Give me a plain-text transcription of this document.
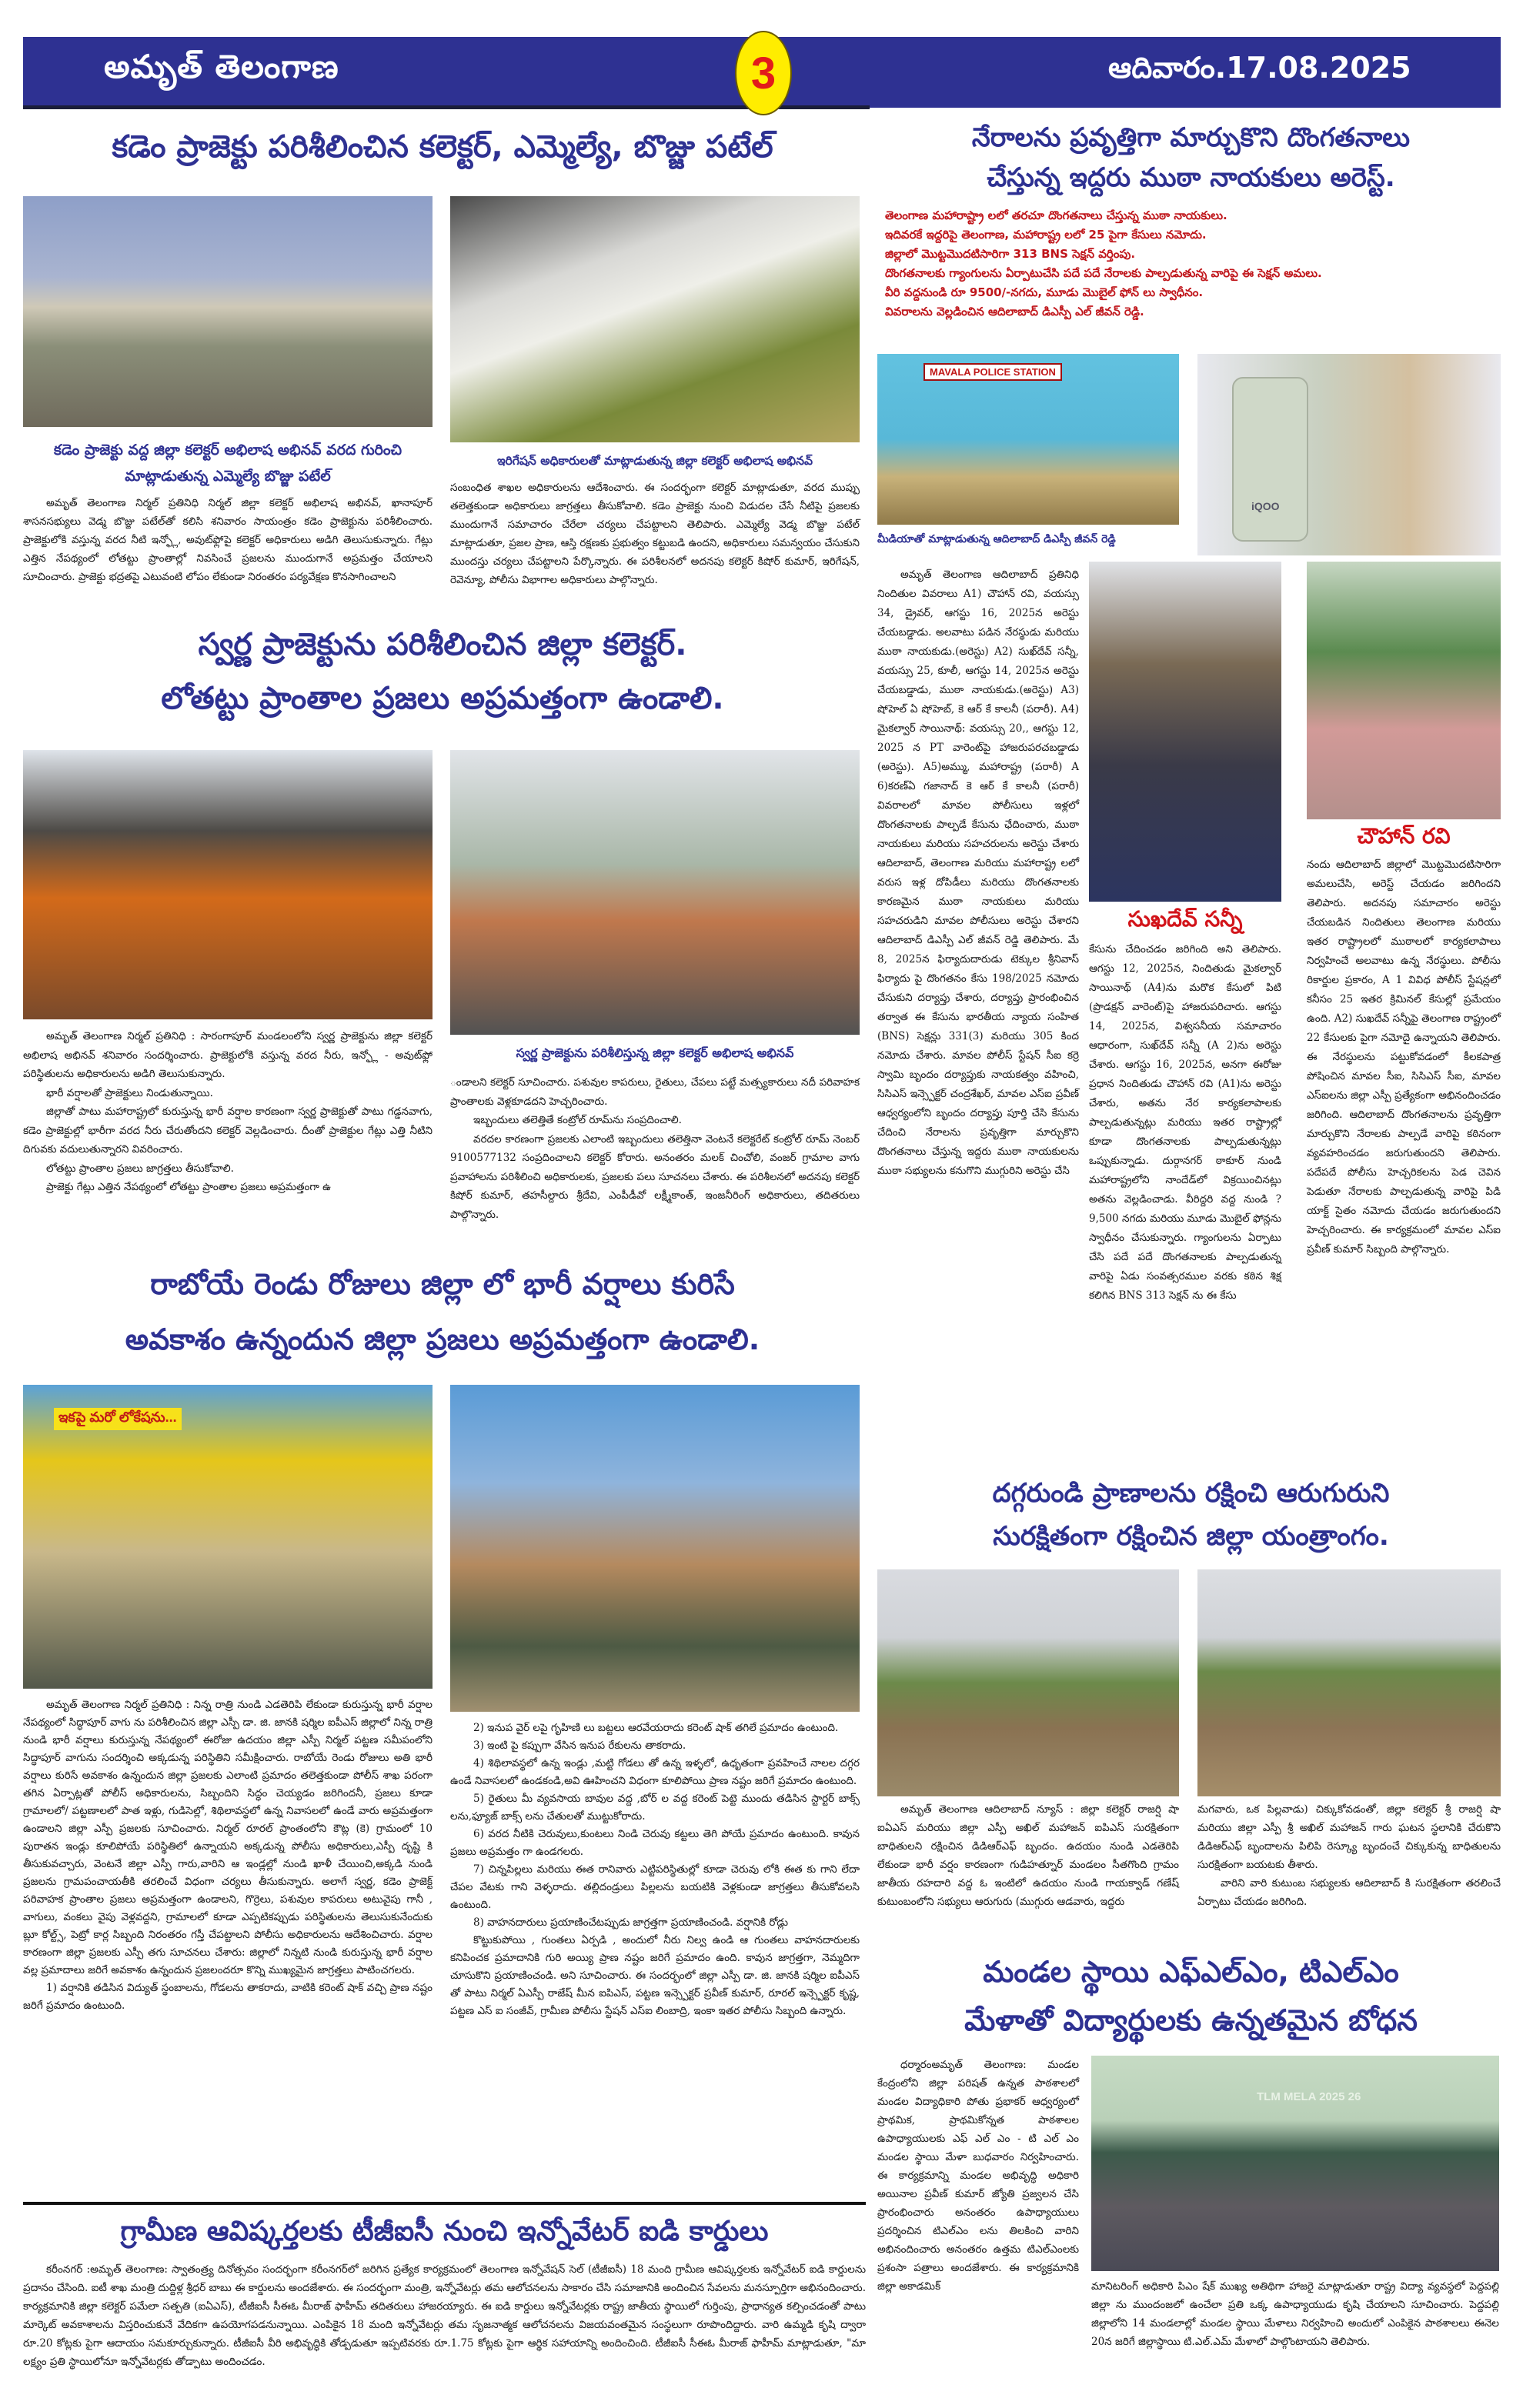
అమృత్ తెలంగాణ	3	ఆదివారం.17.08.2025
కడెం ప్రాజెక్టు పరిశీలించిన కలెక్టర్, ఎమ్మెల్యే, బొజ్జు పటేల్
కడెం ప్రాజెక్టు వద్ద జిల్లా కలెక్టర్ అభిలాష అభినవ్ వరద గురించి మాట్లాడుతున్న ఎమ్మెల్యే బొజ్జు పటేల్
ఇరిగేషన్ అధికారులతో మాట్లాడుతున్న జిల్లా కలెక్టర్ అభిలాష అభినవ్

అమృత్ తెలంగాణ నిర్మల్ ప్రతినిధి నిర్మల్ జిల్లా కలెక్టర్ అభిలాష అభినవ్, ఖానాపూర్ శాసనసభ్యులు వెడ్మ బొజ్జు పటేల్‌తో కలిసి శనివారం సాయంత్రం కడెం ప్రాజెక్టును పరిశీలించారు. ప్రాజెక్టులోకి వస్తున్న వరద నీటి ఇన్ఫ్లో, అవుట్‌ఫ్లోపై కలెక్టర్ అధికారులు అడిగి తెలుసుకున్నారు. గేట్లు ఎత్తిన నేపథ్యంలో లోతట్టు ప్రాంతాల్లో నివసించే ప్రజలను ముందుగానే అప్రమత్తం చేయాలని సూచించారు. ప్రాజెక్టు భద్రతపై ఎటువంటి లోపం లేకుండా నిరంతరం పర్యవేక్షణ కొనసాగించాలని

సంబంధిత శాఖల అధికారులను ఆదేశించారు. ఈ సందర్భంగా కలెక్టర్ మాట్లాడుతూ, వరద ముప్పు తలెత్తకుండా అధికారులు జాగ్రత్తలు తీసుకోవాలి. కడెం ప్రాజెక్టు నుంచి విడుదల చేసే నీటిపై ప్రజలకు ముందుగానే సమాచారం చేరేలా చర్యలు చేపట్టాలని తెలిపారు. ఎమ్మెల్యే వెడ్మ బొజ్జు పటేల్ మాట్లాడుతూ, ప్రజల ప్రాణ, ఆస్తి రక్షణకు ప్రభుత్వం కట్టుబడి ఉందని, అధికారులు సమన్వయం చేసుకుని ముందస్తు చర్యలు చేపట్టాలని పేర్కొన్నారు. ఈ పరిశీలనలో అదనపు కలెక్టర్ కిషోర్ కుమార్, ఇరిగేషన్, రెవెన్యూ, పోలీసు విభాగాల అధికారులు పాల్గొన్నారు.

స్వర్ణ ప్రాజెక్టును పరిశీలించిన జిల్లా కలెక్టర్.
లోతట్టు ప్రాంతాల ప్రజలు అప్రమత్తంగా ఉండాలి.

అమృత్ తెలంగాణ నిర్మల్ ప్రతినిధి : సారంగాపూర్ మండలంలోని స్వర్ణ ప్రాజెక్టును జిల్లా కలెక్టర్ అభిలాష అభినవ్ శనివారం సందర్శించారు. ప్రాజెక్టులోకి వస్తున్న వరద నీరు, ఇన్ఫ్లో - అవుట్‌ఫ్లో పరిస్థితులను అధికారులను అడిగి తెలుసుకున్నారు.

భారీ వర్షాలతో ప్రాజెక్టులు నిండుతున్నాయి.

జిల్లాతో పాటు మహారాష్ట్రలో కురుస్తున్న భారీ వర్షాల కారణంగా స్వర్ణ ప్రాజెక్టుతో పాటు గడ్డనవాగు, కడెం ప్రాజెక్టుల్లో భారీగా వరద నీరు చేరుతోందని కలెక్టర్ వెల్లడించారు. దీంతో ప్రాజెక్టుల గేట్లు ఎత్తి నీటిని దిగువకు వదులుతున్నారని వివరించారు.

లోతట్టు ప్రాంతాల ప్రజలు జాగ్రత్తలు తీసుకోవాలి.

ప్రాజెక్టు గేట్లు ఎత్తిన నేపథ్యంలో లోతట్టు ప్రాంతాల ప్రజలు అప్రమత్తంగా ఉ

స్వర్ణ ప్రాజెక్టును పరిశీలిస్తున్న జిల్లా కలెక్టర్ అభిలాష అభినవ్

ండాలని కలెక్టర్ సూచించారు. పశువుల కాపరులు, రైతులు, చేపలు పట్టే మత్స్యకారులు నదీ పరివాహక ప్రాంతాలకు వెళ్లకూడదని హెచ్చరించారు.

ఇబ్బందులు తలెత్తితే కంట్రోల్ రూమ్‌ను సంప్రదించాలి.

వరదల కారణంగా ప్రజలకు ఎలాంటి ఇబ్బందులు తలెత్తినా వెంటనే కలెక్టరేట్ కంట్రోల్ రూమ్ నెంబర్ 9100577132 సంప్రదించాలని కలెక్టర్ కోరారు. అనంతరం మలక్ చించోలి, వంజర్ గ్రామాల వాగు ప్రవాహాలను పరిశీలించి అధికారులకు, ప్రజలకు పలు సూచనలు చేశారు. ఈ పరిశీలనలో అదనపు కలెక్టర్ కిషోర్ కుమార్, తహసీల్దారు శ్రీదేవి, ఎంపీడీవో లక్ష్మీకాంత్, ఇంజనీరింగ్ అధికారులు, తదితరులు పాల్గొన్నారు.

రాబోయే రెండు రోజులు జిల్లా లో భారీ వర్షాలు కురిసే
అవకాశం ఉన్నందున జిల్లా ప్రజలు అప్రమత్తంగా ఉండాలి.
ఇకపై మరో లోకేషను...

అమృత్ తెలంగాణ నిర్మల్ ప్రతినిధి : నిన్న రాత్రి నుండి ఎడతెరిపి లేకుండా కురుస్తున్న భారీ వర్షాల నేపథ్యంలో సిద్ధాపూర్ వాగు ను పరిశీలించిన జిల్లా ఎస్పీ డా. జి. జానకి షర్మిల ఐపీఎస్ జిల్లాలో నిన్న రాత్రి నుండి భారీ వర్షాలు కురుస్తున్న నేపథ్యంలో ఈరోజు ఉదయం జిల్లా ఎస్పీ నిర్మల్ పట్టణ సమీపంలోని సిద్ధాపూర్ వాగును సందర్శించి అక్కడున్న పరిస్థితిని సమీక్షించారు. రాబోయే రెండు రోజులు అతి భారీ వర్షాలు కురిసే అవకాశం ఉన్నందున జిల్లా ప్రజలకు ఎలాంటి ప్రమాదం తలెత్తకుండా పోలీస్ శాఖ పరంగా తగిన ఏర్పాట్లతో పోలీస్ అధికారులను, సిబ్బందిని సిద్ధం చెయ్యడం జరిగిందనీ, ప్రజలు కూడా గ్రామాలలో/ పట్టణాలలో పాత ఇళ్లు, గుడిసెల్లో, శిథిలావస్థలో ఉన్న నివాసలలో ఉండే వారు అప్రమత్తంగా ఉండాలని జిల్లా ఎస్పీ ప్రజలకు సూచించారు. నిర్మల్ రూరల్ ప్రాంతంలోని కౌట్ల (కె) గ్రామంలో 10 పురాతన ఇండ్లు కూలిపోయే పరిస్థితిలో ఉన్నాయని అక్కడున్న పోలీసు అధికారులు,ఎస్పీ దృష్టి కి తీసుకువచ్చారు, వెంటనే జిల్లా ఎస్పీ గారు,వారిని ఆ ఇండ్లల్లో నుండి ఖాళీ చేయించి,అక్కడి నుండి ప్రజలను గ్రామపంచాయతీకి తరలించే విధంగా చర్యలు తీసుకున్నారు. అలాగే స్వర్ణ, కడెం ప్రాజెక్ట్ పరివాహక ప్రాంతాల ప్రజలు అప్రమత్తంగా ఉండాలని, గొర్రెలు, పశువుల కాపరులు అటువైపు గానీ , వాగులు, వంకలు వైపు వెళ్లవద్దని, గ్రామాలలో కూడా ఎప్పటికప్పుడు పరిస్థితులను తెలుసుకునేందుకు బ్లూ కోల్ట్స్, పెట్రో కార్ల సిబ్బంది నిరంతరం గస్తీ చేపట్టాలని పోలీసు అధికారులను ఆదేశించిచారు. వర్షాల కారణంగా జిల్లా ప్రజలకు ఎస్పీ తగు సూచనలు చేశారు: జిల్లాలో నిన్నటి నుండి కురుస్తున్న భారీ వర్షాల వల్ల ప్రమాదాలు జరిగే అవకాశం ఉన్నందున ప్రజలందరూ కొన్ని ముఖ్యమైన జాగ్రత్తలు పాటించగలరు.

1) వర్షానికి తడిసిన విద్యుత్ స్థంబాలను, గోడలను తాకరాదు, వాటికి కరెంట్ షాక్ వచ్చి ప్రాణ నష్టం జరిగే ప్రమాదం ఉంటుంది.

2) ఇనుప వైర్ లపై గృహిణి లు బట్టలు ఆరవేయరాదు కరెంట్ షాక్ తగిలే ప్రమాదం ఉంటుంది.

3) ఇంటి పై కప్పుగా వేసిన ఇనుప రేకులను తాకరాదు.

4) శిథిలావస్థలో ఉన్న ఇండ్లు ,మట్టి గోడలు తో ఉన్న ఇళ్ళలో, ఉధృతంగా ప్రవహించే నాలల దగ్గర ఉండే నివాసలలో ఉండకండి,అవి ఊహించని విధంగా కూలిపోయి ప్రాణ నష్టం జరిగే ప్రమాదం ఉంటుంది.

5) రైతులు మీ వ్యవసాయ బావుల వద్ద ,బోర్ ల వద్ద కరెంట్ పెట్టె ముందు తడిసిన స్టార్టర్ బాక్స్ లను,ఫ్యూజ్ బాక్స్ లను చేతులతో ముట్టుకోరాదు.

6) వరద నీటికి చెరువులు,కుంటలు నిండి చెరువు కట్టలు తెగి పోయే ప్రమాదం ఉంటుంది. కావున ప్రజలు అప్రమత్తం గా ఉండగలరు.

7) చిన్నపిల్లలు మరియు ఈత రానివారు ఎట్టిపరిస్థితుల్లో కూడా చెరువు లోకి ఈత కు గాని లేదా చేపల వేటకు గాని వెళ్ళరాదు. తల్లిదండ్రులు పిల్లలను బయటికి వెళ్లకుండా జాగ్రత్తలు తీసుకోవలసి ఉంటుంది.

8) వాహనదారులు ప్రయాణించేటప్పుడు జాగ్రత్తగా ప్రయాణించండి. వర్షానికి రోడ్లు

కొట్టుకుపోయి , గుంతలు ఏర్పడి , అందులో నీరు నిల్వ ఉండి ఆ గుంతలు వాహనదారులకు కనిపించక ప్రమాదానికి గురి అయ్యి ప్రాణ నష్టం జరిగే ప్రమాదం ఉంది. కావున జాగ్రత్తగా, నెమ్మదిగా చూసుకొని ప్రయాణించండి. అని సూచించారు. ఈ సందర్భంలో జిల్లా ఎస్పీ డా. జి. జానకి షర్మిల ఐపీఎస్ తో పాటు నిర్మల్ ఏఎస్పీ రాజేష్ మీన ఐపిఎస్, పట్టణ ఇన్స్పెక్టర్ ప్రవీణ్ కుమార్, రూరల్ ఇన్స్పెక్టర్ కృష్ణ, పట్టణ ఎస్ ఐ సంజీవ్, గ్రామీణ పోలీసు స్టేషన్ ఎస్ఐ లింబాద్రి, ఇంకా ఇతర పోలీసు సిబ్బంది ఉన్నారు.

గ్రామీణ ఆవిష్కర్తలకు టీజీఐసీ నుంచి ఇన్నోవేటర్ ఐడి కార్డులు

కరీంనగర్ :అమృత్ తెలంగాణ: స్వాతంత్ర్య దినోత్సవం సందర్భంగా కరీంనగర్‌లో జరిగిన ప్రత్యేక కార్యక్రమంలో తెలంగాణ ఇన్నోవేషన్ సెల్ (టీజీఐసీ) 18 మంది గ్రామీణ ఆవిష్కర్తలకు ఇన్నోవేటర్ ఐడి కార్డులను ప్రదానం చేసింది. ఐటీ శాఖ మంత్రి దుద్దిళ్ల శ్రీధర్ బాబు ఈ కార్డులను అందజేశారు. ఈ సందర్భంగా మంత్రి, ఇన్నోవేటర్లు తమ ఆలోచనలను సాకారం చేసి సమాజానికి అందించిన సేవలను మనస్పూర్తిగా అభినందించారు. కార్యక్రమానికి జిల్లా కలెక్టర్ పమేలా సత్పతి (ఐఏఎస్), టీజీఐసీ సీఈఓ మీరాజ్ ఫాహీమ్ తదితరులు హాజరయ్యారు. ఈ ఐడి కార్డులు ఇన్నోవేటర్లకు రాష్ట్ర జాతీయ స్థాయిలో గుర్తింపు, ప్రాధాన్యత కల్పించడంతో పాటు మార్కెట్ అవకాశాలను విస్తరించుకునే వేదికగా ఉపయోగపడనున్నాయి. ఎంపికైన 18 మంది ఇన్నోవేటర్లు తమ సృజనాత్మక ఆలోచనలను విజయవంతమైన సంస్థలుగా రూపొందిద్దారు. వారి ఉమ్మడి కృషి ద్వారా రూ.20 కోట్లకు పైగా ఆదాయం సమకూర్చుకున్నారు. టీజీఐసీ వీరి అభివృద్ధికి తోడ్పడుతూ ఇప్పటివరకు రూ.1.75 కోట్లకు పైగా ఆర్థిక సహాయాన్ని అందించింది. టీజీఐసీ సీఈఓ మీరాజ్ ఫాహీమ్ మాట్లాడుతూ, "మా లక్ష్యం ప్రతి స్థాయిలోనూ ఇన్నోవేటర్లకు తోడ్పాటు అందించడం.

నేరాలను ప్రవృత్తిగా మార్చుకొని దొంగతనాలు
చేస్తున్న ఇద్దరు ముఠా నాయకులు అరెస్ట్.
తెలంగాణ మహారాష్ట్రా లలో తరచూ దొంగతనాలు చేస్తున్న ముఠా నాయకులు.
ఇదివరకే ఇద్దరిపై తెలంగాణ, మహారాష్ట్ర లలో 25 పైగా కేసులు నమోదు.
జిల్లాలో మొట్టమొదటిసారిగా 313 BNS సెక్షన్ వర్తింపు.
దొంగతనాలకు గ్యాంగులను ఏర్పాటుచేసి పదే పదే నేరాలకు పాల్పడుతున్న వారిపై ఈ సెక్షన్ అమలు.
వీరి వద్దనుండి రూ 9500/-నగదు, మూడు మొబైల్ ఫోన్ లు స్వాధీనం.
వివరాలను వెల్లడించిన ఆదిలాబాద్ డిఎస్పీ ఎల్ జీవన్ రెడ్డి.
MAVALA POLICE STATION
iQOO
మీడియాతో మాట్లాడుతున్న ఆదిలాబాద్ డిఎస్పీ జీవన్ రెడ్డి
సుఖదేవ్ సన్నీ
చౌహాన్ రవి

అమృత్ తెలంగాణ ఆదిలాబాద్ ప్రతినిధి నిందితుల వివరాలు A1) చౌహాన్ రవి, వయస్సు 34, డ్రైవర్, ఆగస్టు 16, 2025న అరెస్టు చేయబడ్డాడు. అలవాటు పడిన నేరస్థుడు మరియు ముఠా నాయకుడు.(అరెస్టు) A2) సుఖ్‌దేవ్ సన్నీ, వయస్సు 25, కూలీ, ఆగస్టు 14, 2025న అరెస్టు చేయబడ్డాడు, ముఠా నాయకుడు.(అరెస్టు) A3) షోహెల్ ఏ షోహెబ్, కె ఆర్ కే కాలనీ (పరారీ). A4) మైకల్వార్ సాయినాథ్: వయస్సు 20,, ఆగస్టు 12, 2025 న PT వారెంట్‌పై హాజరుపరచబడ్డాడు (అరెస్టు). A5)అమ్ము, మహారాష్ట్ర (పరారీ) A 6)కరణ్‌ఏ గజానాద్ కె ఆర్ కే కాలనీ (పరారీ) వివరాలలో మావల పోలీసులు ఇళ్లలో దొంగతనాలకు పాల్పడే కేసును ఛేదించారు, ముఠా నాయకులు మరియు సహచరులను అరెస్టు చేశారు ఆదిలాబాద్, తెలంగాణ మరియు మహారాష్ట్ర లలో వరుస ఇళ్ల దోపిడీలు మరియు దొంగతనాలకు కారణమైన ముఠా నాయకులు మరియు సహచరుడిని మావల పోలీసులు అరెస్టు చేశారని ఆదిలాబాద్ డిఎస్పీ ఎల్ జీవన్ రెడ్డి తెలిపారు. మే 8, 2025న ఫిర్యాదుదారుడు టెక్కుల శ్రీనివాస్ ఫిర్యాదు పై దొంగతనం కేసు 198/2025 నమోదు చేసుకుని దర్యాప్తు చేశారు, దర్యాప్తు ప్రారంభించిన తర్వాత ఈ కేసును భారతీయ న్యాయ సంహిత (BNS) సెక్షన్లు 331(3) మరియు 305 కింద నమోదు చేశారు. మావల పోలీస్ స్టేషన్ సీఐ కర్రె స్వామి బృందం దర్యాప్తుకు నాయకత్వం వహించి, సిసిఎస్ ఇన్స్పెక్టర్ చంద్రశేఖర్, మావల ఎస్ఐ ప్రవీణ్ ఆధ్వర్యంలోని బృందం దర్యాప్తు పూర్తి చేసి కేసును చేదించి నేరాలను ప్రవృత్తిగా మార్చుకొని దొంగతనాలు చేస్తున్న ఇద్దరు ముఠా నాయకులను ముఠా సభ్యులను కనుగొని ముగ్గురిని అరెస్టు చేసి

కేసును చేదించడం జరిగింది అని తెలిపారు. ఆగస్టు 12, 2025న, నిందితుడు మైకల్వార్ సాయినాథ్ (A4)ను మరొక కేసులో పిటి (ప్రొడక్షన్ వారెంట్)పై హాజరుపరిచారు. ఆగస్టు 14, 2025న, విశ్వసనీయ సమాచారం ఆధారంగా, సుఖ్‌దేవ్ సన్నీ (A 2)ను అరెస్టు చేశారు. ఆగస్టు 16, 2025న, అనగా ఈరోజు ప్రధాన నిందితుడు చౌహాన్ రవి (A1)ను అరెస్టు చేశారు, అతను నేర కార్యకలాపాలకు పాల్పడుతున్నట్లు మరియు ఇతర రాష్ట్రాల్లో కూడా దొంగతనాలకు పాల్పడుతున్నట్లు ఒప్పుకున్నాడు. దుర్గానగర్ ఠాకూర్ నుండి మహారాష్ట్రలోని నాందేడ్‌లో విక్రయించినట్లు అతను వెల్లడించాడు. వీరిద్దరి వద్ద నుండి ?9,500 నగదు మరియు మూడు మొబైల్ ఫోన్లను స్వాధీనం చేసుకున్నారు. గ్యాంగులను ఏర్పాటు చేసి పదే పదే దొంగతనాలకు పాల్పడుతున్న వారిపై ఏడు సంవత్సరముల వరకు కఠిన శిక్ష కలిగిన BNS 313 సెక్షన్ ను ఈ కేసు

నందు ఆదిలాబాద్ జిల్లాలో మొట్టమొదటిసారిగా అమలుచేసి, అరెస్ట్ చేయడం జరిగిందని తెలిపారు. అదనపు సమాచారం అరెస్టు చేయబడిన నిందితులు తెలంగాణ మరియు ఇతర రాష్ట్రాలలో ముఠాలలో కార్యకలాపాలు నిర్వహించే అలవాటు ఉన్న నేరస్థులు. పోలీసు రికార్డుల ప్రకారం, A 1 వివిధ పోలీస్ స్టేషన్లలో కనీసం 25 ఇతర క్రిమినల్ కేసుల్లో ప్రమేయం ఉంది. A2) సుఖదేవ్ సన్నీపై తెలంగాణ రాష్ట్రంలో 22 కేసులకు పైగా నమోదై ఉన్నాయని తెలిపారు. ఈ నేరస్థులను పట్టుకోవడంలో కీలకపాత్ర పోషించిన మావల సీఐ, సిసిఎస్ సీఐ, మావల ఎస్ఐలను జిల్లా ఎస్పీ ప్రత్యేకంగా అభినందించడం జరిగింది. ఆదిలాబాద్ దొంగతనాలను ప్రవృత్తిగా మార్చుకొని నేరాలకు పాల్పడే వారిపై కఠినంగా వ్యవహరించడం జరుగుతుందని తెలిపారు. పదేపదే పోలీసు హెచ్చరికలను పెడ చెవిన పెడుతూ నేరాలకు పాల్పడుతున్న వారిపై పిడి యాక్ట్ సైతం నమోదు చేయడం జరుగుతుందని హెచ్చరించారు. ఈ కార్యక్రమంలో మావల ఎస్ఐ ప్రవీణ్ కుమార్ సిబ్బంది పాల్గొన్నారు.

దగ్గరుండి ప్రాణాలను రక్షించి ఆరుగురుని
సురక్షితంగా రక్షించిన జిల్లా యంత్రాంగం.

అమృత్ తెలంగాణ ఆదిలాబాద్ న్యూస్ : జిల్లా కలెక్టర్ రాజర్షి షా ఐఏఎస్ మరియు జిల్లా ఎస్పీ అఖిల్ మహాజన్ ఐపిఎస్ సురక్షితంగా బాధితులని రక్షించిన డిడిఆర్ఎఫ్ బృందం. ఉదయం నుండి ఎడతెరిపి లేకుండా భారీ వర్షం కారణంగా గుడిహత్నూర్ మండలం సీతగొంది గ్రామం జాతీయ రహదారి వద్ద ఓ ఇంటిలో ఉదయం నుండి గాయక్వాడ్ గణేష్ కుటుంబంలోని సభ్యులు ఆరుగురు (ముగ్గురు ఆడవారు, ఇద్దరు

మగవారు, ఒక పిల్లవాడు) చిక్కుకోవడంతో, జిల్లా కలెక్టర్ శ్రీ రాజర్షి షా మరియు జిల్లా ఎస్పీ శ్రీ అఖిల్ మహాజన్ గారు ఘటన స్థలానికి చేరుకొని డిడిఆర్ఎఫ్ బృందాలను పిలిపి రెస్క్యూ బృందంచే చిక్కుకున్న బాధితులను సురక్షితంగా బయటకు తీశారు.

వారిని వారి కుటుంబ సభ్యులకు ఆదిలాబాద్ కి సురక్షితంగా తరలించే ఏర్పాటు చేయడం జరిగింది.

మండల స్థాయి ఎఫ్ఎల్ఎం, టిఎల్ఎం
మేళాతో విద్యార్థులకు ఉన్నతమైన బోధన
TLM MELA 2025 26

ధర్మారంఅమృత్ తెలంగాణ: మండల కేంద్రంలోని జిల్లా పరిషత్ ఉన్నత పాఠశాలలో మండల విద్యాధికారి పోతు ప్రభాకర్ ఆధ్వర్యంలో ప్రాథమిక, ప్రాథమికోన్నత పాఠశాలల ఉపాధ్యాయులకు ఎఫ్ ఎల్ ఎం - టి ఎల్ ఎం మండల స్థాయి మేళా బుధవారం నిర్వహించారు. ఈ కార్యక్రమాన్ని మండల అభివృద్ధి అధికారి అయినాల ప్రవీణ్ కుమార్ జ్యోతి ప్రజ్వలన చేసి ప్రారంభించారు అనంతరం ఉపాధ్యాయులు ప్రదర్శించిన టిఎల్ఎం లను తిలకించి వారిని అభినందించారు అనంతరం ఉత్తమ టిఎల్ఎంలకు ప్రశంసా పత్రాలు అందజేశారు. ఈ కార్యక్రమానికి జిల్లా అకాడమిక్	మానిటరింగ్ అధికారి పిఎం షేక్ ముఖ్య అతిథిగా హాజరై మాట్లాడుతూ రాష్ట్ర విద్యా వ్యవస్థలో పెద్దపల్లి జిల్లా ను ముందంజలో ఉంచేలా ప్రతి ఒక్క ఉపాధ్యాయుడు కృషి చేయాలని సూచించారు. పెద్దపల్లి జిల్లాలోని 14 మండలాల్లో మండల స్థాయి మేళాలు నిర్వహించి అందులో ఎంపికైన పాఠశాలలు ఈనెల 20న జరిగే జిల్లాస్థాయి టి.ఎల్.ఎమ్ మేళాలో పాల్గొంటాయని తెలిపారు.
